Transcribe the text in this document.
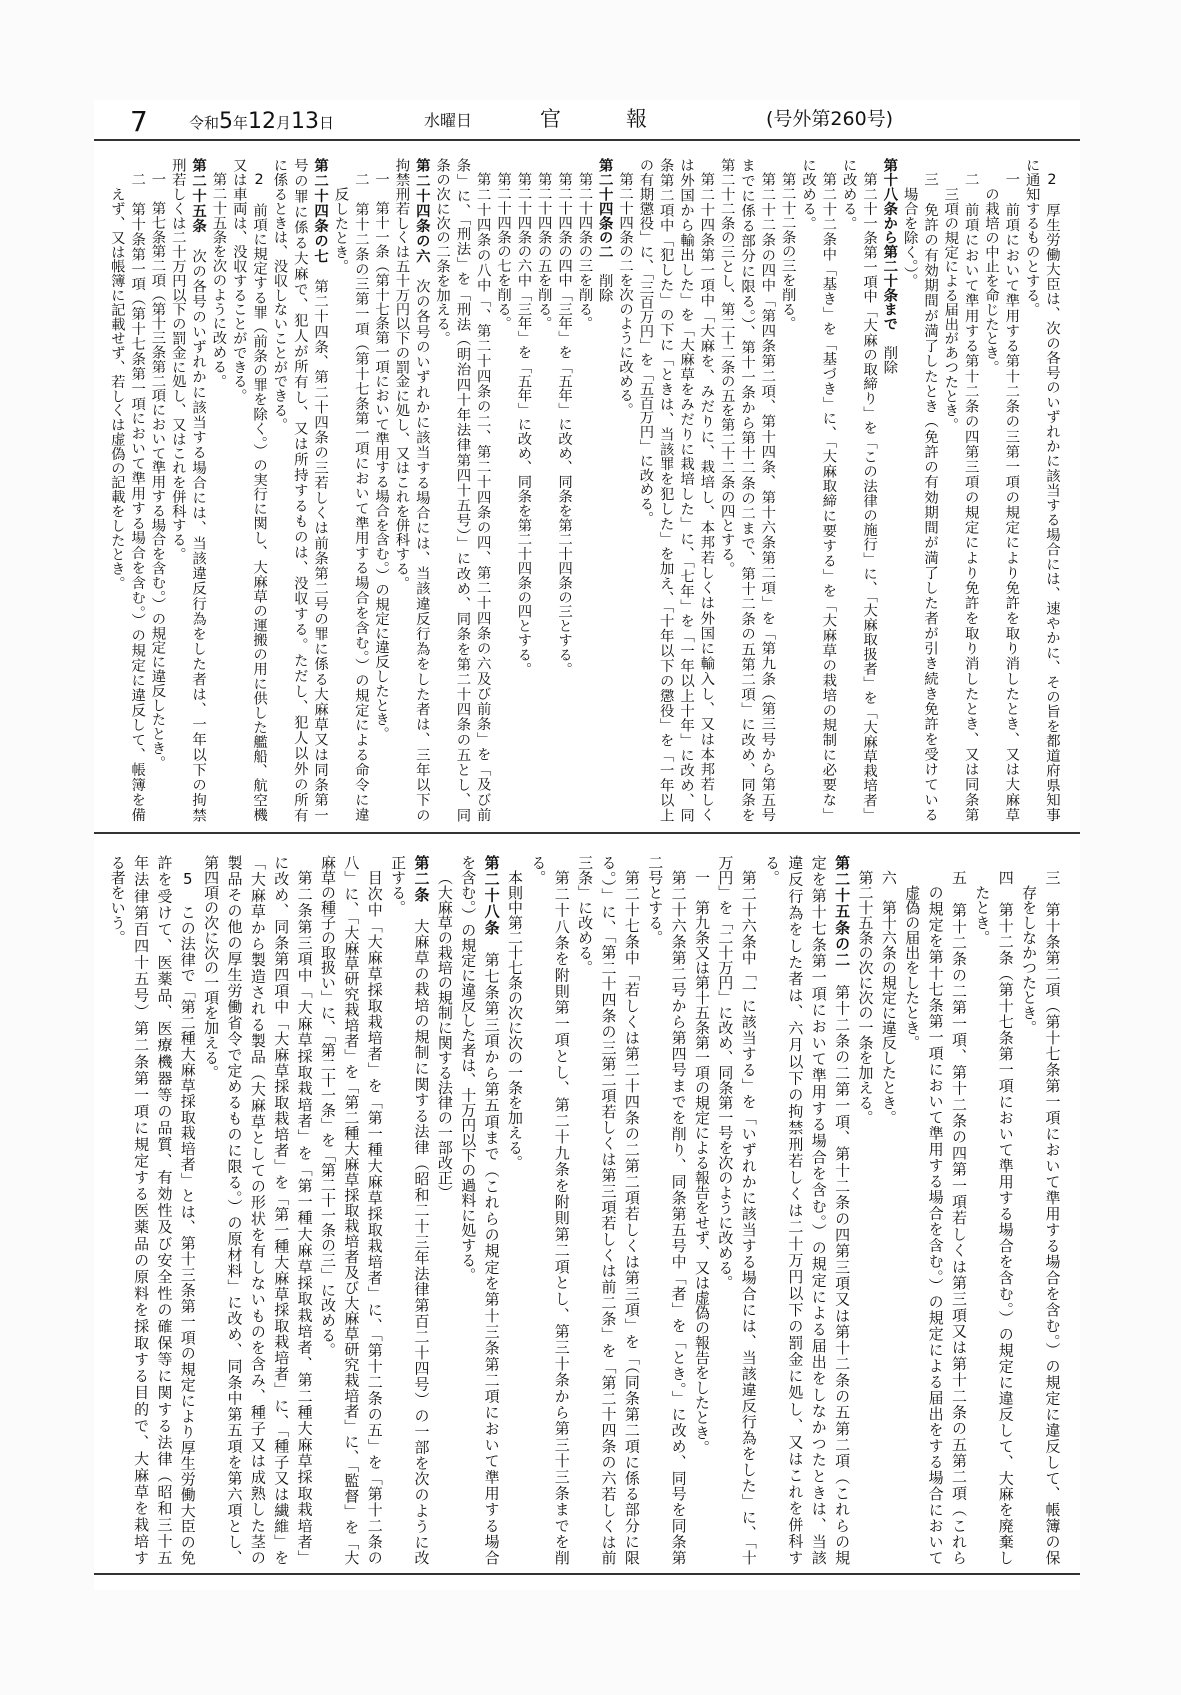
7	令和5年12月13日	水曜日	官	報	(号外第260号)
2　厚生労働大臣は、次の各号のいずれかに該当する場合には、速やかに、その旨を都道府県知事
に通知するものとする。
一　前項において準用する第十二条の三第一項の規定により免許を取り消したとき、又は大麻草
の栽培の中止を命じたとき。
二　前項において準用する第十二条の四第三項の規定により免許を取り消したとき、又は同条第
三項の規定による届出があつたとき。
三　免許の有効期間が満了したとき（免許の有効期間が満了した者が引き続き免許を受けている
場合を除く。）。
第十八条から第二十条まで　削除
第二十一条第一項中「大麻の取締り」を「この法律の施行」に、「大麻取扱者」を「大麻草栽培者」
に改める。
第二十二条中「基き」を「基づき」に、「大麻取締に要する」を「大麻草の栽培の規制に必要な」
に改める。
第二十二条の三を削る。
第二十二条の四中「第四条第二項、第十四条、第十六条第二項」を「第九条（第三号から第五号
までに係る部分に限る。）、第十一条から第十二条の二まで、第十二条の五第二項」に改め、同条を
第二十二条の三とし、第二十二条の五を第二十二条の四とする。
第二十四条第一項中「大麻を、みだりに、栽培し、本邦若しくは外国に輸入し、又は本邦若しく
は外国から輸出した」を「大麻草をみだりに栽培した」に、「七年」を「一年以上十年」に改め、同
条第二項中「犯した」の下に「ときは、当該罪を犯した」を加え、「十年以下の懲役」を「一年以上
の有期懲役」に、「三百万円」を「五百万円」に改める。
第二十四条の二を次のように改める。
第二十四条の二　削除
第二十四条の三を削る。
第二十四条の四中「三年」を「五年」に改め、同条を第二十四条の三とする。
第二十四条の五を削る。
第二十四条の六中「三年」を「五年」に改め、同条を第二十四条の四とする。
第二十四条の七を削る。
第二十四条の八中「、第二十四条の二、第二十四条の四、第二十四条の六及び前条」を「及び前
条」に、「刑法」を「刑法（明治四十年法律第四十五号）」に改め、同条を第二十四条の五とし、同
条の次に次の二条を加える。
第二十四条の六　次の各号のいずれかに該当する場合には、当該違反行為をした者は、三年以下の
拘禁刑若しくは五十万円以下の罰金に処し、又はこれを併科する。
一　第十一条（第十七条第一項において準用する場合を含む。）の規定に違反したとき。
二　第十二条の三第一項（第十七条第一項において準用する場合を含む。）の規定による命令に違
反したとき。
第二十四条の七　第二十四条、第二十四条の三若しくは前条第二号の罪に係る大麻草又は同条第一
号の罪に係る大麻で、犯人が所有し、又は所持するものは、没収する。ただし、犯人以外の所有
に係るときは、没収しないことができる。
2　前項に規定する罪（前条の罪を除く。）の実行に関し、大麻草の運搬の用に供した艦船、航空機
又は車両は、没収することができる。
第二十五条を次のように改める。
第二十五条　次の各号のいずれかに該当する場合には、当該違反行為をした者は、一年以下の拘禁
刑若しくは二十万円以下の罰金に処し、又はこれを併科する。
一　第七条第二項（第十三条第二項において準用する場合を含む。）の規定に違反したとき。
二　第十条第一項（第十七条第一項において準用する場合を含む。）の規定に違反して、帳簿を備
えず、又は帳簿に記載せず、若しくは虚偽の記載をしたとき。
三　第十条第二項（第十七条第一項において準用する場合を含む。）の規定に違反して、帳簿の保
存をしなかつたとき。
四　第十二条（第十七条第一項において準用する場合を含む。）の規定に違反して、大麻を廃棄し
たとき。
五　第十二条の二第一項、第十二条の四第一項若しくは第三項又は第十二条の五第二項（これら
の規定を第十七条第一項において準用する場合を含む。）の規定による届出をする場合において
虚偽の届出をしたとき。
六　第十六条の規定に違反したとき。
第二十五条の次に次の一条を加える。
第二十五条の二　第十二条の二第一項、第十二条の四第三項又は第十二条の五第二項（これらの規
定を第十七条第一項において準用する場合を含む。）の規定による届出をしなかつたときは、当該
違反行為をした者は、六月以下の拘禁刑若しくは二十万円以下の罰金に処し、又はこれを併科す
る。
第二十六条中「一に該当する」を「いずれかに該当する場合には、当該違反行為をした」に、「十
万円」を「二十万円」に改め、同条第一号を次のように改める。
一　第九条又は第十五条第一項の規定による報告をせず、又は虚偽の報告をしたとき。
第二十六条第二号から第四号までを削り、同条第五号中「者」を「とき。」に改め、同号を同条第
二号とする。
第二十七条中「若しくは第二十四条の二第二項若しくは第三項」を「（同条第二項に係る部分に限
る。）」に、「第二十四条の三第二項若しくは第三項若しくは前二条」を「第二十四条の六若しくは前
三条」に改める。
第二十八条を附則第一項とし、第二十九条を附則第二項とし、第三十条から第三十三条までを削
る。
本則中第二十七条の次に次の一条を加える。
第二十八条　第七条第三項から第五項まで（これらの規定を第十三条第二項において準用する場合
を含む。）の規定に違反した者は、十万円以下の過料に処する。
（大麻草の栽培の規制に関する法律の一部改正）
第二条　大麻草の栽培の規制に関する法律（昭和二十三年法律第百二十四号）の一部を次のように改
正する。
目次中「大麻草採取栽培者」を「第一種大麻草採取栽培者」に、「第十二条の五」を「第十二条の
八」に、「大麻草研究栽培者」を「第二種大麻草採取栽培者及び大麻草研究栽培者」に、「監督」を「大
麻草の種子の取扱い」に、「第二十一条」を「第二十一条の三」に改める。
第二条第三項中「大麻草採取栽培者」を「第一種大麻草採取栽培者、第二種大麻草採取栽培者」
に改め、同条第四項中「大麻草採取栽培者」を「第一種大麻草採取栽培者」に、「種子又は繊維」を
「大麻草から製造される製品（大麻草としての形状を有しないものを含み、種子又は成熟した茎の
製品その他の厚生労働省令で定めるものに限る。）の原材料」に改め、同条中第五項を第六項とし、
第四項の次に次の一項を加える。
5　この法律で「第二種大麻草採取栽培者」とは、第十三条第一項の規定により厚生労働大臣の免
許を受けて、医薬品、医療機器等の品質、有効性及び安全性の確保等に関する法律（昭和三十五
年法律第百四十五号）第二条第一項に規定する医薬品の原料を採取する目的で、大麻草を栽培す
る者をいう。
